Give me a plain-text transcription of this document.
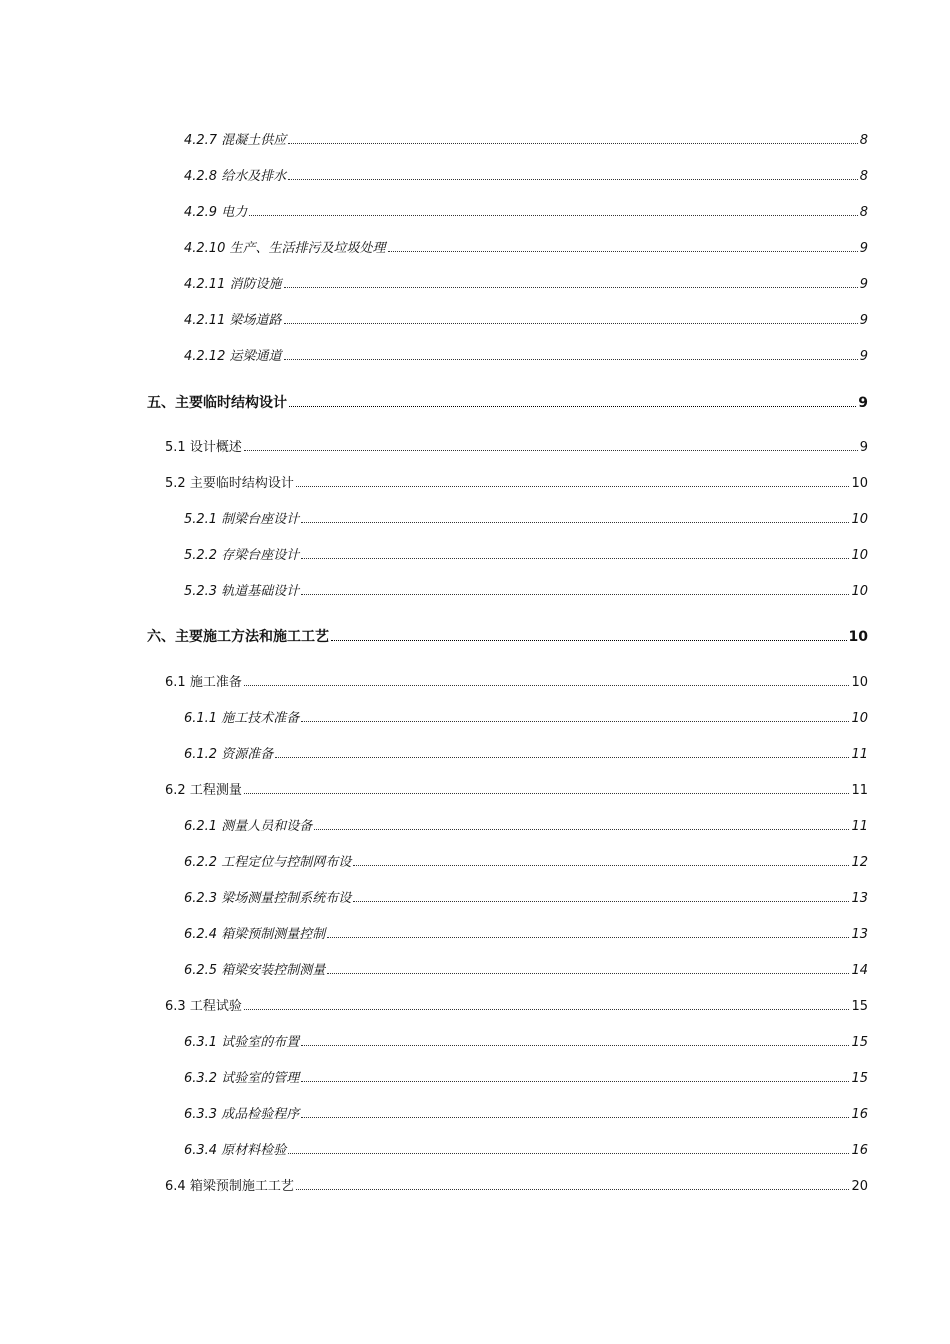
4.2.7 混凝土供应	8
4.2.8 给水及排水	8
4.2.9 电力	8
4.2.10 生产、生活排污及垃圾处理	9
4.2.11 消防设施	9
4.2.11 梁场道路	9
4.2.12 运梁通道	9
五、主要临时结构设计	9
5.1 设计概述	9
5.2 主要临时结构设计	10
5.2.1 制梁台座设计	10
5.2.2 存梁台座设计	10
5.2.3 轨道基础设计	10
六、主要施工方法和施工工艺	10
6.1 施工准备	10
6.1.1 施工技术准备	10
6.1.2 资源准备	11
6.2 工程测量	11
6.2.1 测量人员和设备	11
6.2.2 工程定位与控制网布设	12
6.2.3 梁场测量控制系统布设	13
6.2.4 箱梁预制测量控制	13
6.2.5 箱梁安装控制测量	14
6.3 工程试验	15
6.3.1 试验室的布置	15
6.3.2 试验室的管理	15
6.3.3 成品检验程序	16
6.3.4 原材料检验	16
6.4 箱梁预制施工工艺	20
